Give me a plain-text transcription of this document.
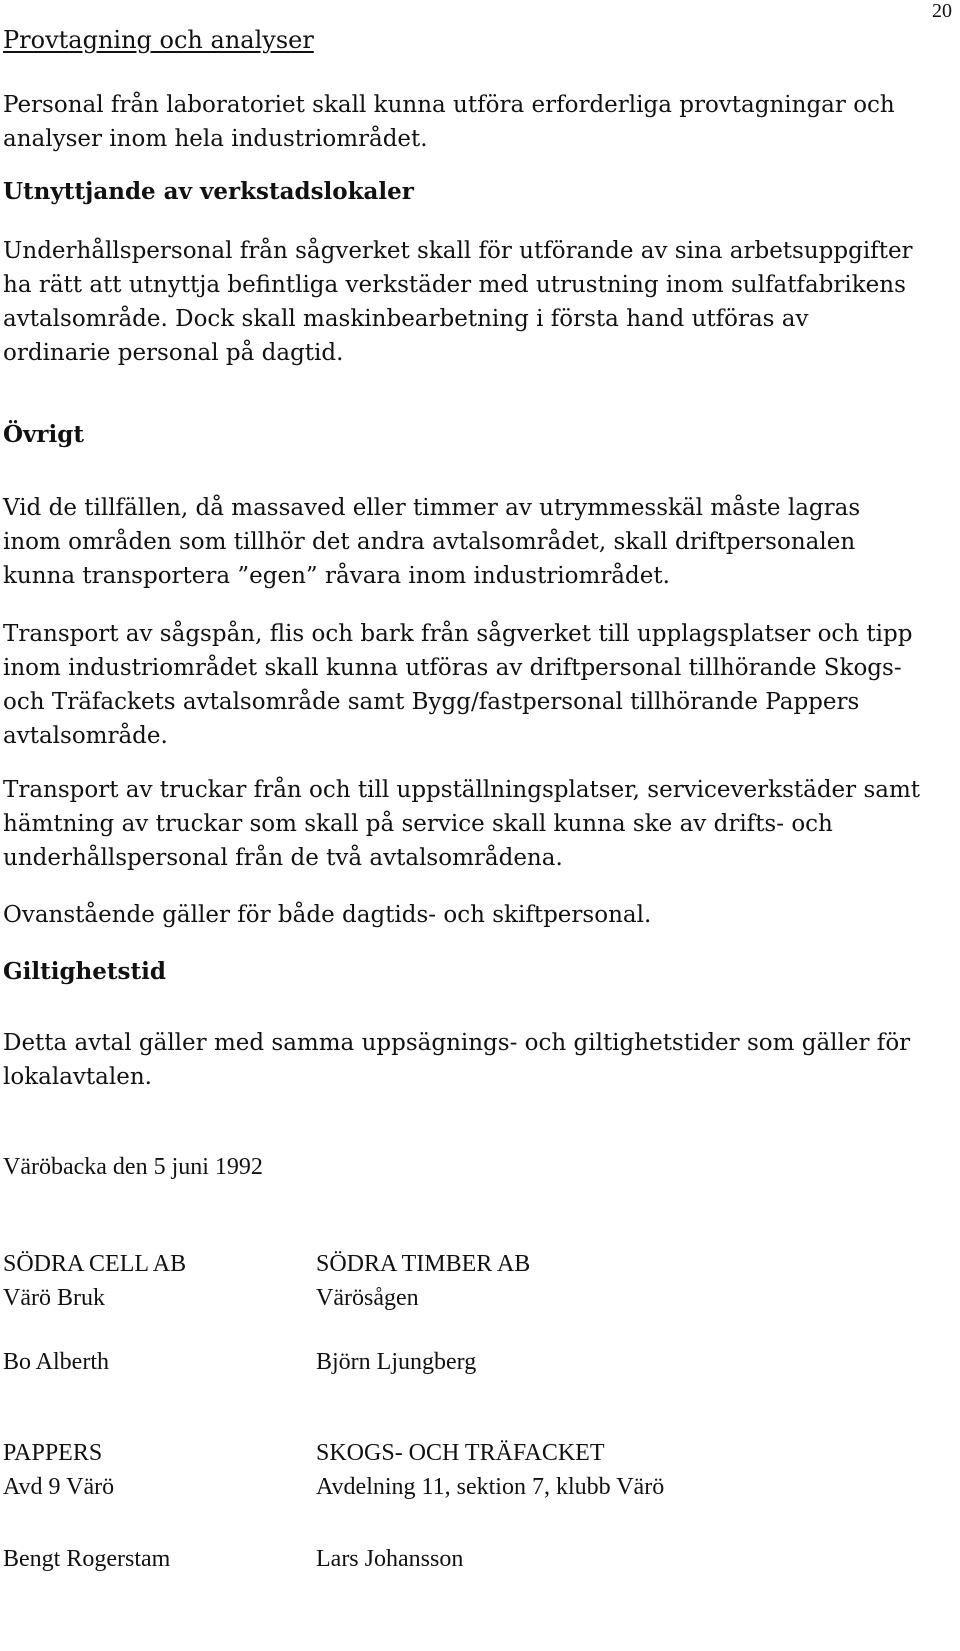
20
Provtagning och analyser
Personal från laboratoriet skall kunna utföra erforderliga provtagningar och
analyser inom hela industriområdet.
Utnyttjande av verkstadslokaler
Underhållspersonal från sågverket skall för utförande av sina arbetsuppgifter
ha rätt att utnyttja befintliga verkstäder med utrustning inom sulfatfabrikens
avtalsområde. Dock skall maskinbearbetning i första hand utföras av
ordinarie personal på dagtid.
Övrigt
Vid de tillfällen, då massaved eller timmer av utrymmesskäl måste lagras
inom områden som tillhör det andra avtalsområdet, skall driftpersonalen
kunna transportera ”egen” råvara inom industriområdet.
Transport av sågspån, flis och bark från sågverket till upplagsplatser och tipp
inom industriområdet skall kunna utföras av driftpersonal tillhörande Skogs-
och Träfackets avtalsområde samt Bygg/fastpersonal tillhörande Pappers
avtalsområde.
Transport av truckar från och till uppställningsplatser, serviceverkstäder samt
hämtning av truckar som skall på service skall kunna ske av drifts- och
underhållspersonal från de två avtalsområdena.
Ovanstående gäller för både dagtids- och skiftpersonal.
Giltighetstid
Detta avtal gäller med samma uppsägnings- och giltighetstider som gäller för
lokalavtalen.
Väröbacka den 5 juni 1992
SÖDRA CELL AB
Värö Bruk
Bo Alberth
SÖDRA TIMBER AB
Värösågen
Björn Ljungberg
PAPPERS
Avd 9 Värö
Bengt Rogerstam
SKOGS- OCH TRÄFACKET
Avdelning 11, sektion 7, klubb Värö
Lars Johansson
